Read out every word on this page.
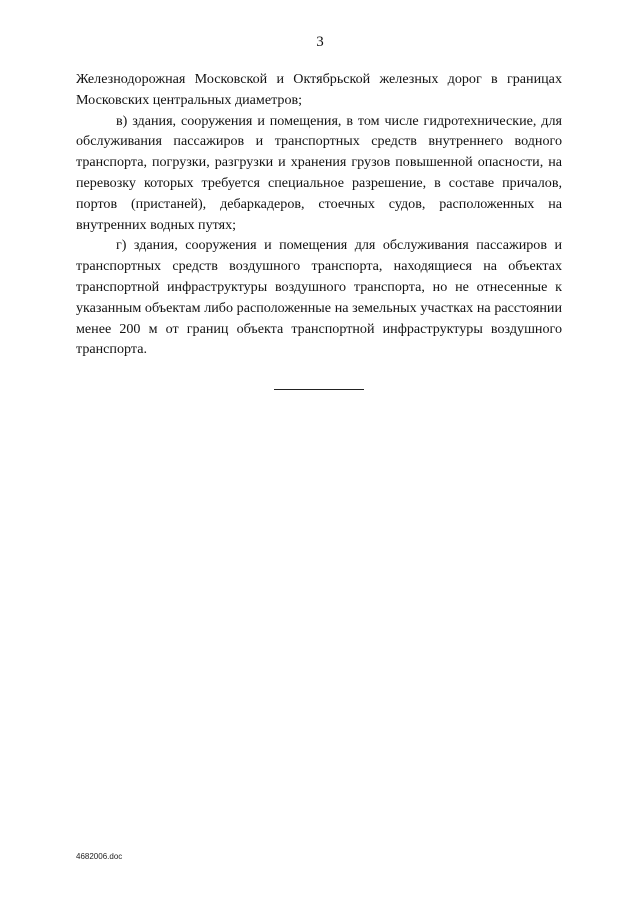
3

Железнодорожная Московской и Октябрьской железных дорог в границах Московских центральных диаметров;

в) здания, сооружения и помещения, в том числе гидротехнические, для обслуживания пассажиров и транспортных средств внутреннего водного транспорта, погрузки, разгрузки и хранения грузов повышенной опасности, на перевозку которых требуется специальное разрешение, в составе причалов, портов (пристаней), дебаркадеров, стоечных судов, расположенных на внутренних водных путях;

г) здания, сооружения и помещения для обслуживания пассажиров и транспортных средств воздушного транспорта, находящиеся на объектах транспортной инфраструктуры воздушного транспорта, но не отнесенные к указанным объектам либо расположенные на земельных участках на расстоянии менее 200 м от границ объекта транспортной инфраструктуры воздушного транспорта.

4682006.doc
